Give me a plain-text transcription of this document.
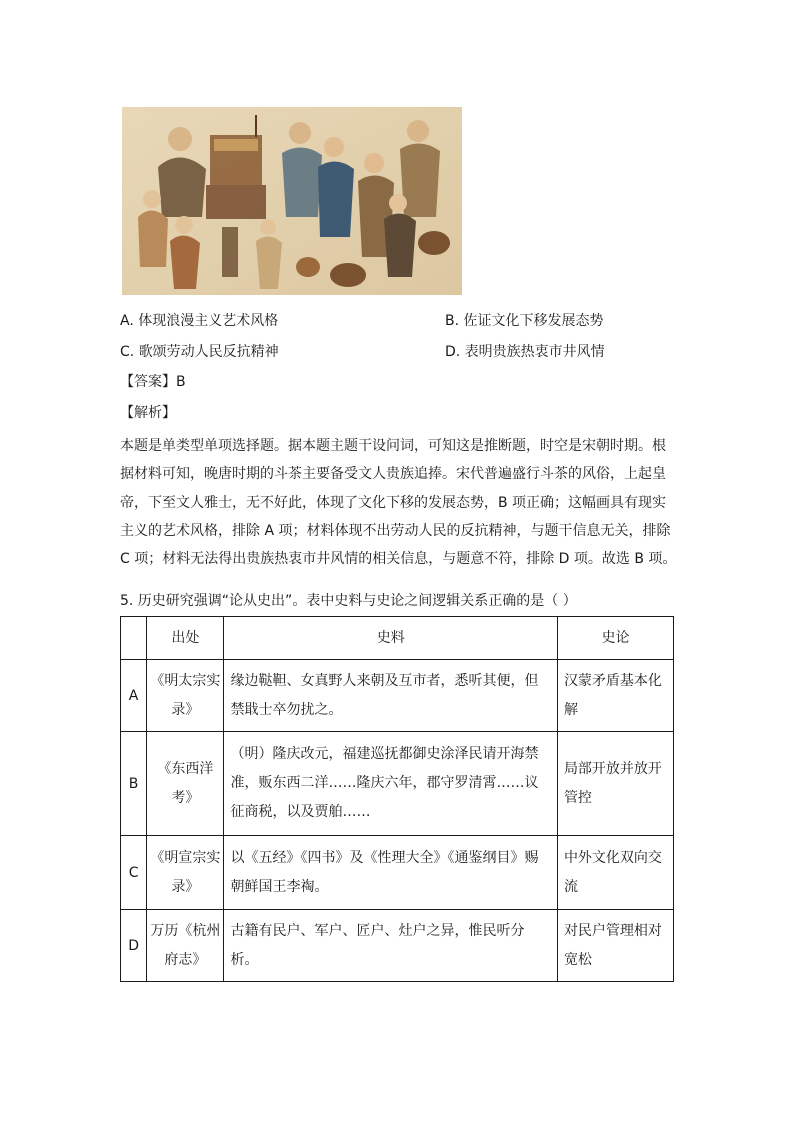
A. 体现浪漫主义艺术风格	B. 佐证文化下移发展态势
C. 歌颂劳动人民反抗精神	D. 表明贵族热衷市井风情
【答案】B
【解析】
本题是单类型单项选择题。据本题主题干设问词，可知这是推断题，时空是宋朝时期。根
据材料可知，晚唐时期的斗茶主要备受文人贵族追捧。宋代普遍盛行斗茶的风俗，上起皇
帝，下至文人雅士，无不好此，体现了文化下移的发展态势，B 项正确；这幅画具有现实
主义的艺术风格，排除 A 项；材料体现不出劳动人民的反抗精神，与题干信息无关，排除
C 项；材料无法得出贵族热衷市井风情的相关信息，与题意不符，排除 D 项。故选 B 项。
5. 历史研究强调“论从史出”。表中史料与史论之间逻辑关系正确的是（ ）
	出处	史料	史论
A	《明太宗实录》	缘边鞑靼、女真野人来朝及互市者，悉听其便，但禁戢士卒勿扰之。	汉蒙矛盾基本化解
B	《东西洋考》	（明）隆庆改元，福建巡抚都御史涂泽民请开海禁准，贩东西二洋……隆庆六年，郡守罗清霄……议征商税，以及贾舶……	局部开放并放开管控
C	《明宣宗实录》	以《五经》《四书》及《性理大全》《通鉴纲目》赐朝鲜国王李祹。	中外文化双向交流
D	万历《杭州府志》	古籍有民户、军户、匠户、灶户之异，惟民听分析。	对民户管理相对宽松
